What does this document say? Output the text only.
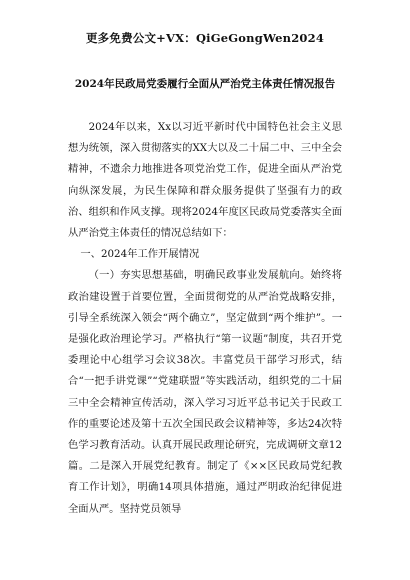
更多免费公文+VX：QiGeGongWen2024
2024年民政局党委履行全面从严治党主体责任情况报告

2024年以来，Xx以习近平新时代中国特色社会主义思想为统领，深入贯彻落实的XX大以及二十届二中、三中全会精神，不遗余力地推进各项党治党工作，促进全面从严治党向纵深发展，为民生保障和群众服务提供了坚强有力的政治、组织和作风支撑。现将2024年度区民政局党委落实全面从严治党主体责任的情况总结如下：

一、2024年工作开展情况

（一）夯实思想基础，明确民政事业发展航向。始终将政治建设置于首要位置，全面贯彻党的从严治党战略安排，引导全系统深入领会“两个确立”，坚定做到“两个维护”。一是强化政治理论学习。严格执行“第一议题”制度，共召开党委理论中心组学习会议38次。丰富党员干部学习形式，结合“一把手讲党课”“党建联盟”等实践活动，组织党的二十届三中全会精神宣传活动，深入学习习近平总书记关于民政工作的重要论述及第十五次全国民政会议精神等，多达24次特色学习教育活动。认真开展民政理论研究，完成调研文章12篇。二是深入开展党纪教育。制定了《××区民政局党纪教育工作计划》，明确14项具体措施，通过严明政治纪律促进全面从严。坚持党员领导
